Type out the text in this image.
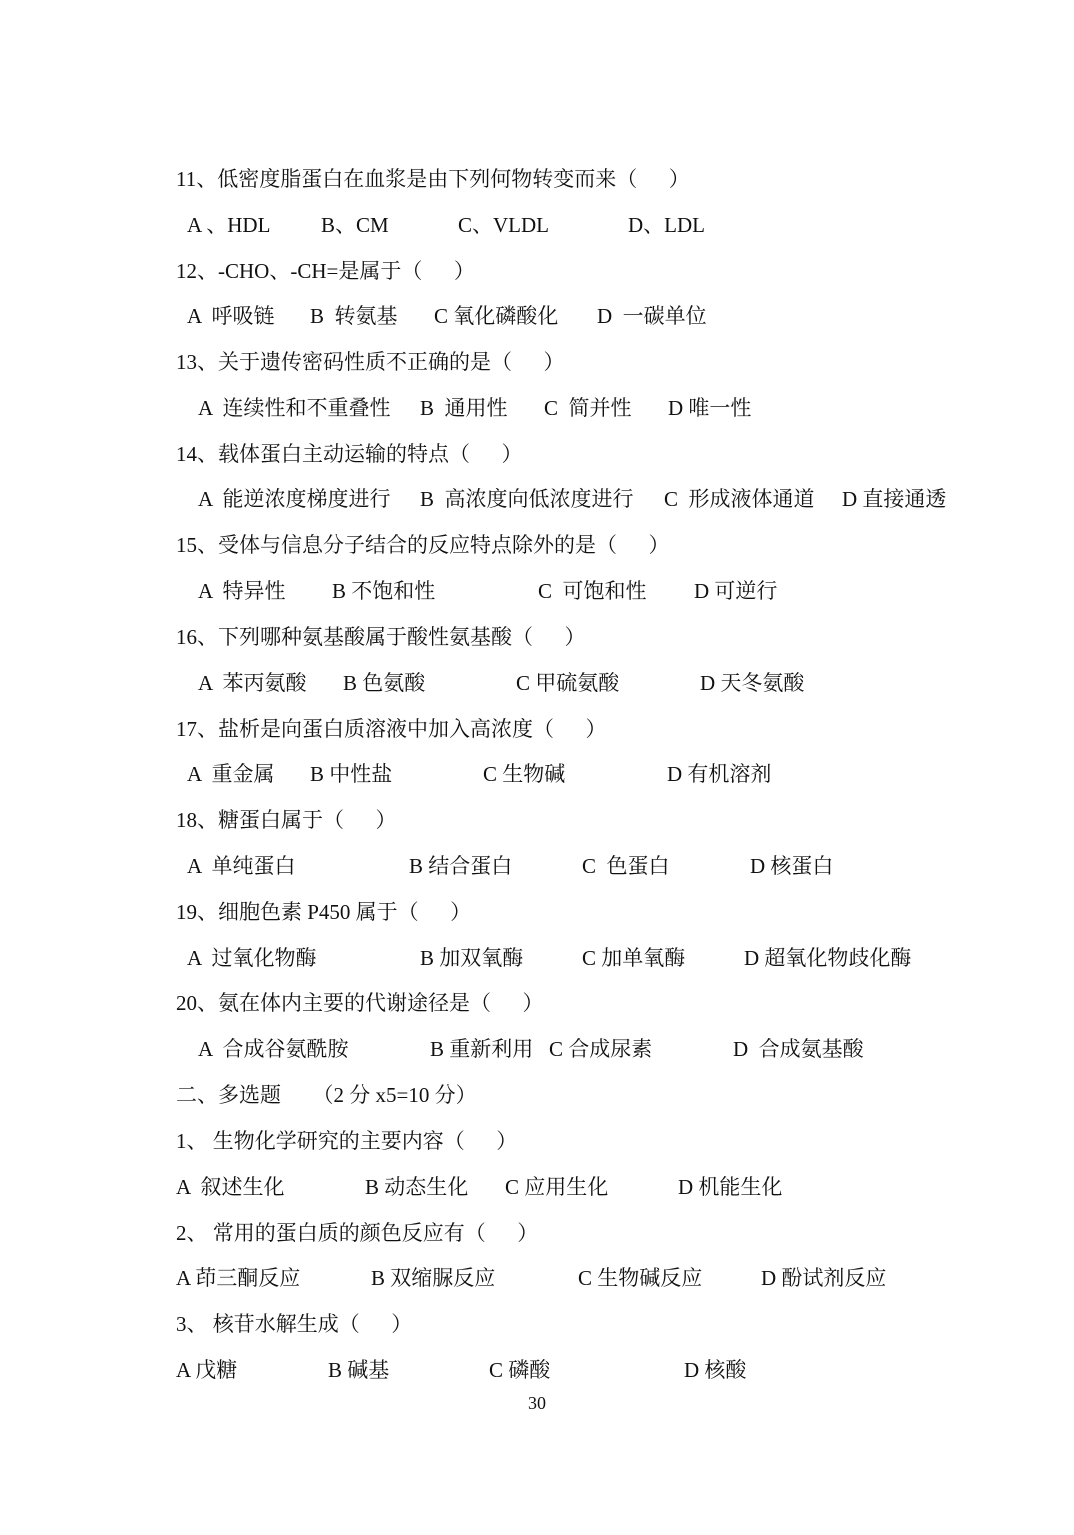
11、低密度脂蛋白在血浆是由下列何物转变而来（      ）

A 、HDL

B、CM

	C、VLDL

	D、LDL

12、-CHO、-CH=是属于（      ）

A  呼吸链

B  转氨基

C 氧化磷酸化

D  一碳单位

13、关于遗传密码性质不正确的是（      ）

A  连续性和不重叠性

B  通用性

C  简并性

D 唯一性

14、载体蛋白主动运输的特点（      ）

A  能逆浓度梯度进行

B  高浓度向低浓度进行

C  形成液体通道

D 直接通透

15、受体与信息分子结合的反应特点除外的是（      ）

A  特异性

B 不饱和性

	C  可饱和性

D 可逆行

16、下列哪种氨基酸属于酸性氨基酸（      ）

A  苯丙氨酸

B 色氨酸

	C 甲硫氨酸

	D 天冬氨酸

17、盐析是向蛋白质溶液中加入高浓度（      ）

A  重金属

B 中性盐

	C 生物碱

	D 有机溶剂

18、糖蛋白属于（      ）

A  单纯蛋白

	B 结合蛋白

	C  色蛋白

	D 核蛋白

19、细胞色素 P450 属于（      ）

A  过氧化物酶

	B 加双氧酶

	C 加单氧酶

	D 超氧化物歧化酶

20、氨在体内主要的代谢途径是（      ）

A  合成谷氨酰胺

	B 重新利用

C 合成尿素

	D  合成氨基酸

二、多选题      （2 分 x5=10 分）
1、 生物化学研究的主要内容（      ）

A  叙述生化

	B 动态生化

C 应用生化

	D 机能生化

2、 常用的蛋白质的颜色反应有（      ）

A 茚三酮反应

	B 双缩脲反应

	C 生物碱反应

	D 酚试剂反应

3、 核苷水解生成（      ）

A 戊糖

	B 碱基

	C 磷酸

	D 核酸

30
